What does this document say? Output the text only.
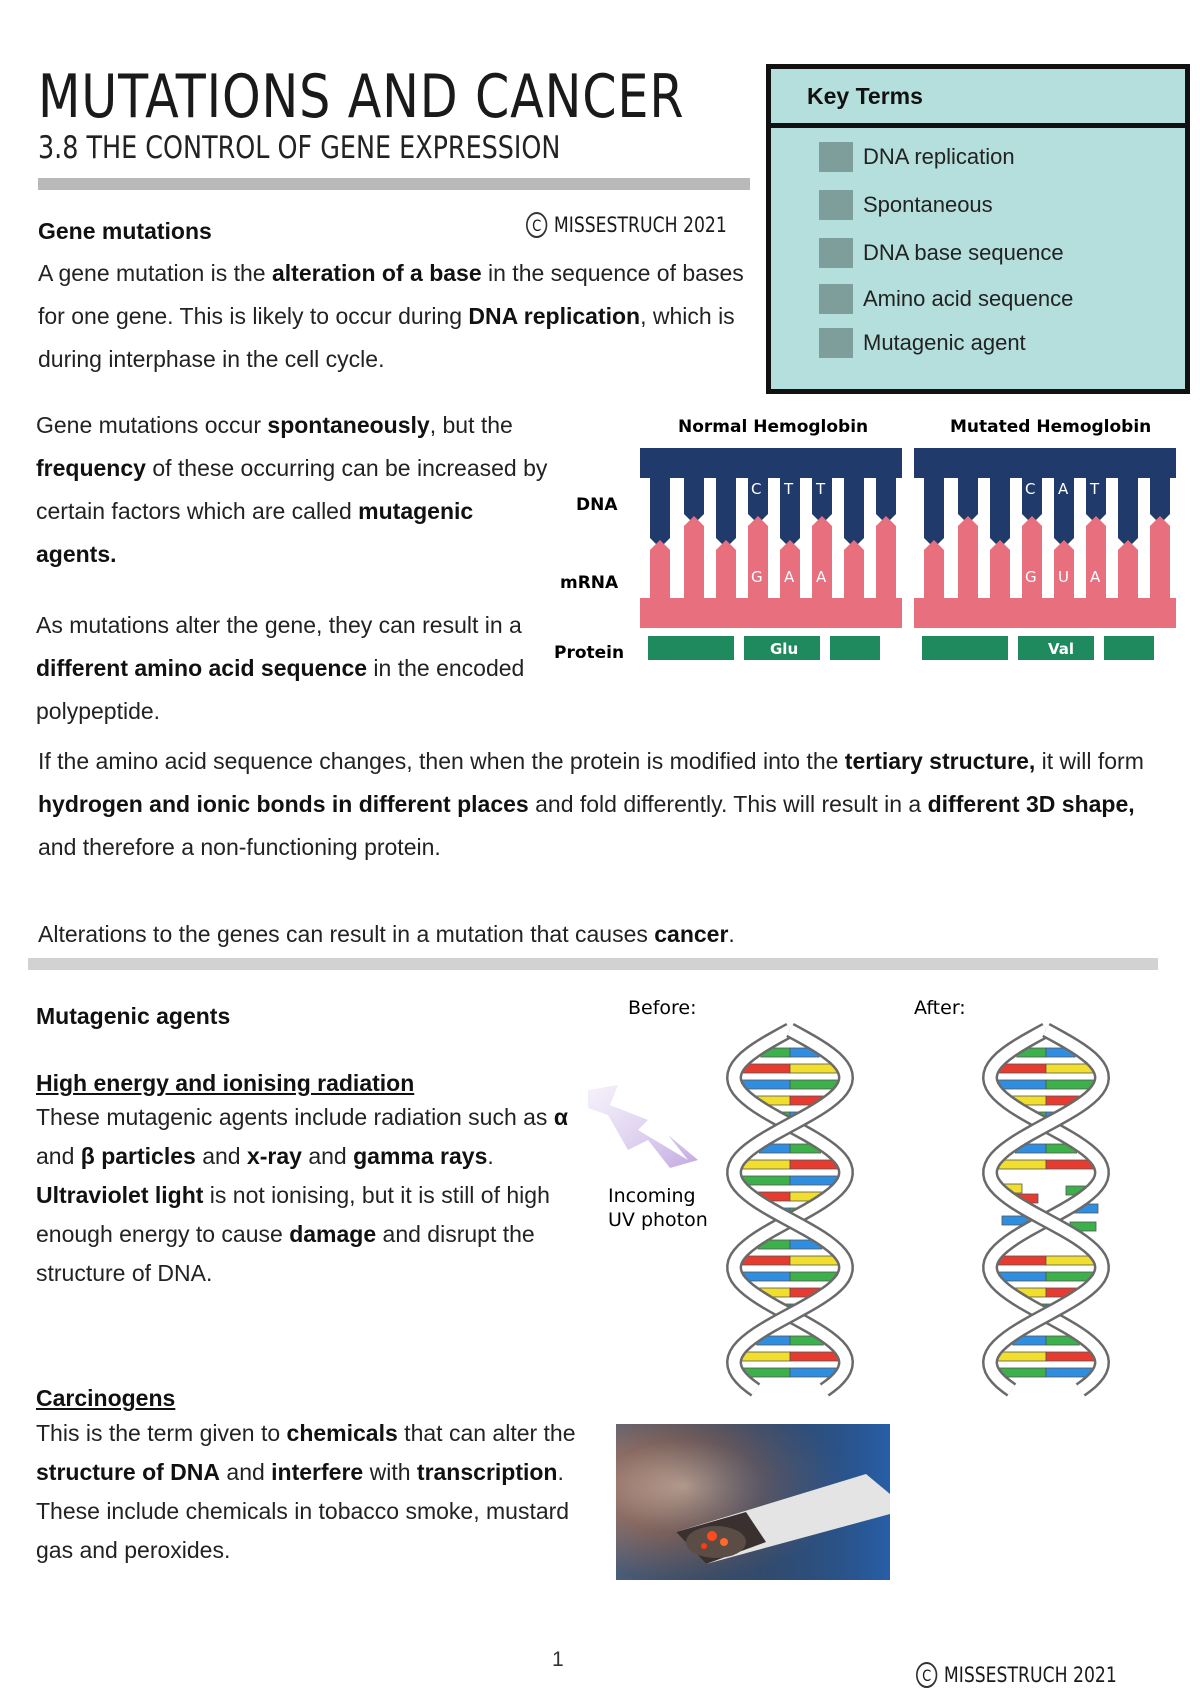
MUTATIONS AND CANCER
3.8 THE CONTROL OF GENE EXPRESSION
Key Terms
DNA replication
Spontaneous
DNA base sequence
Amino acid sequence
Mutagenic agent
Gene mutations	C MISSESTRUCH 2021
A gene mutation is the alteration of a base in the sequence of bases for one gene. This is likely to occur during DNA replication, which is during interphase in the cell cycle.
Gene mutations occur spontaneously, but the frequency of these occurring can be increased by certain factors which are called mutagenic agents.
As mutations alter the gene, they can result in a different amino acid sequence in the encoded polypeptide.
If the amino acid sequence changes, then when the protein is modified into the tertiary structure, it will form hydrogen and ionic bonds in different places and fold differently. This will result in a different 3D shape, and therefore a non-functioning protein.
Alterations to the genes can result in a mutation that causes cancer.
Normal Hemoglobin	Mutated Hemoglobin
DNA
mRNA
Protein
C T T
G A A
Glu
C A T
G U A
Val
Mutagenic agents
High energy and ionising radiation
These mutagenic agents include radiation such as α and β particles and x-ray and gamma rays. Ultraviolet light is not ionising, but it is still of high enough energy to cause damage and disrupt the structure of DNA.
Carcinogens
This is the term given to chemicals that can alter the structure of DNA and interfere with transcription. These include chemicals in tobacco smoke, mustard gas and peroxides.
Before:	After:
Incoming
UV photon
1
C MISSESTRUCH 2021
